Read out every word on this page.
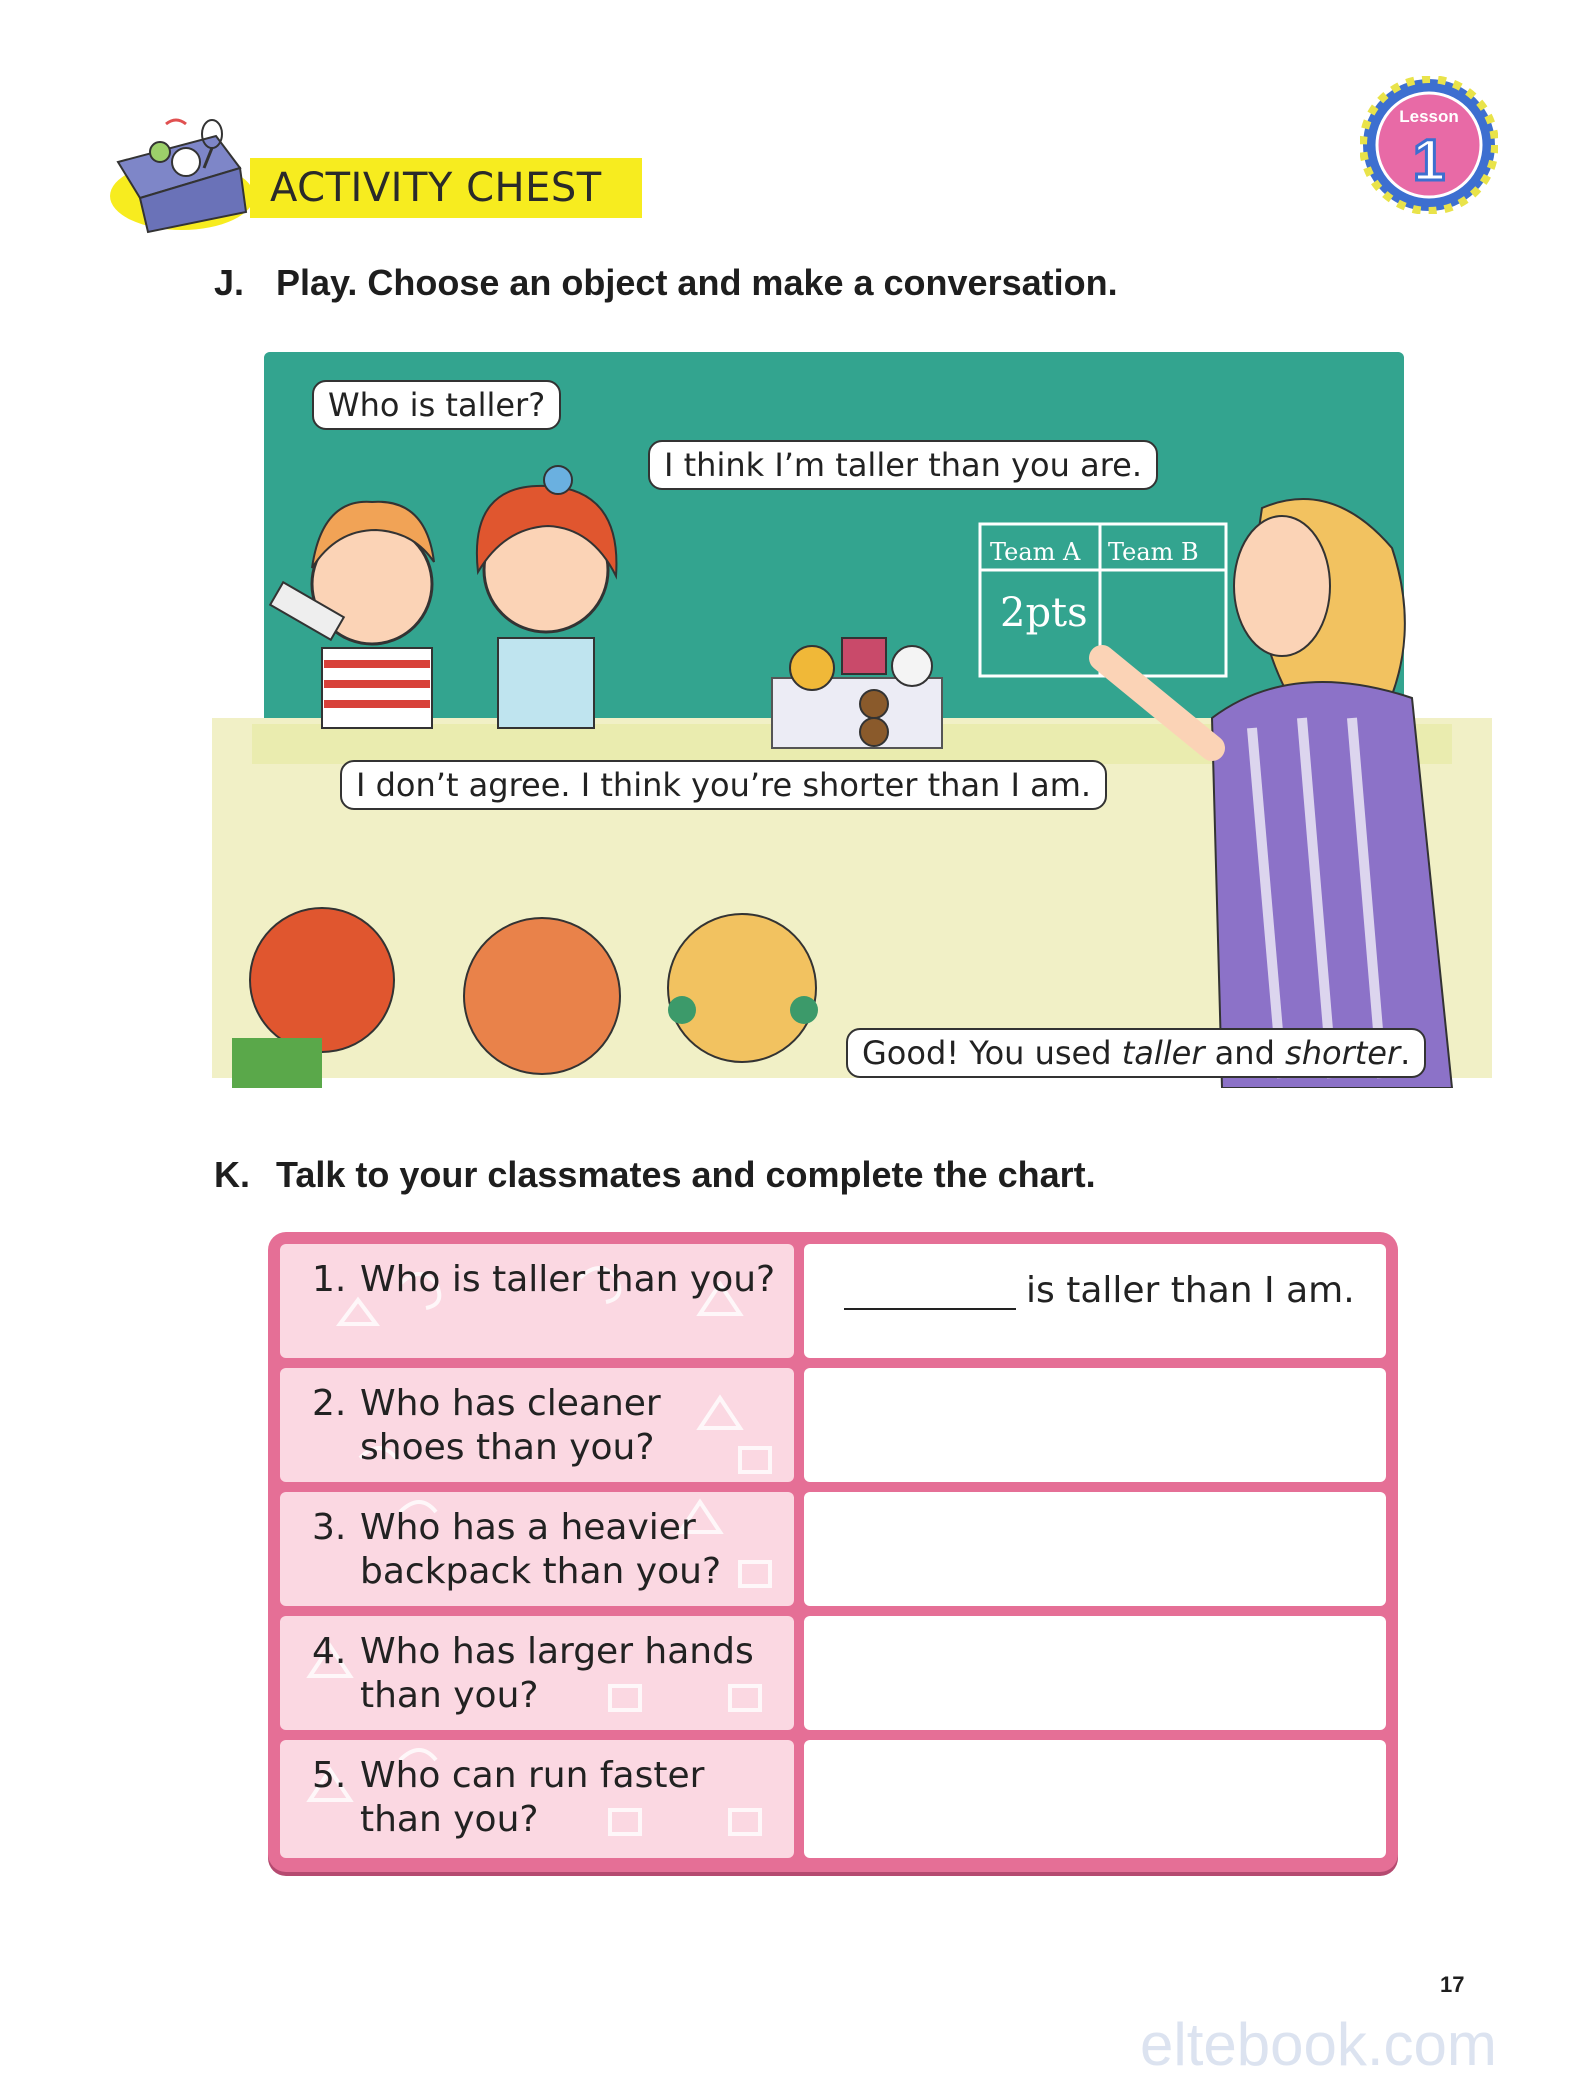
ACTIVITY CHEST
Lesson
1
J. Play. Choose an object and make a conversation.
Team A Team B
2pts
Who is taller?
I think I’m taller than you are.
I don’t agree. I think you’re shorter than I am.
Good! You used taller and shorter.
K. Talk to your classmates and complete the chart.
1. Who is taller than you?	is taller than I am.
2. Who has cleaner
shoes than you?
3. Who has a heavier
backpack than you?
4. Who has larger hands
than you?
5. Who can run faster
than you?
17
eltebook.com
